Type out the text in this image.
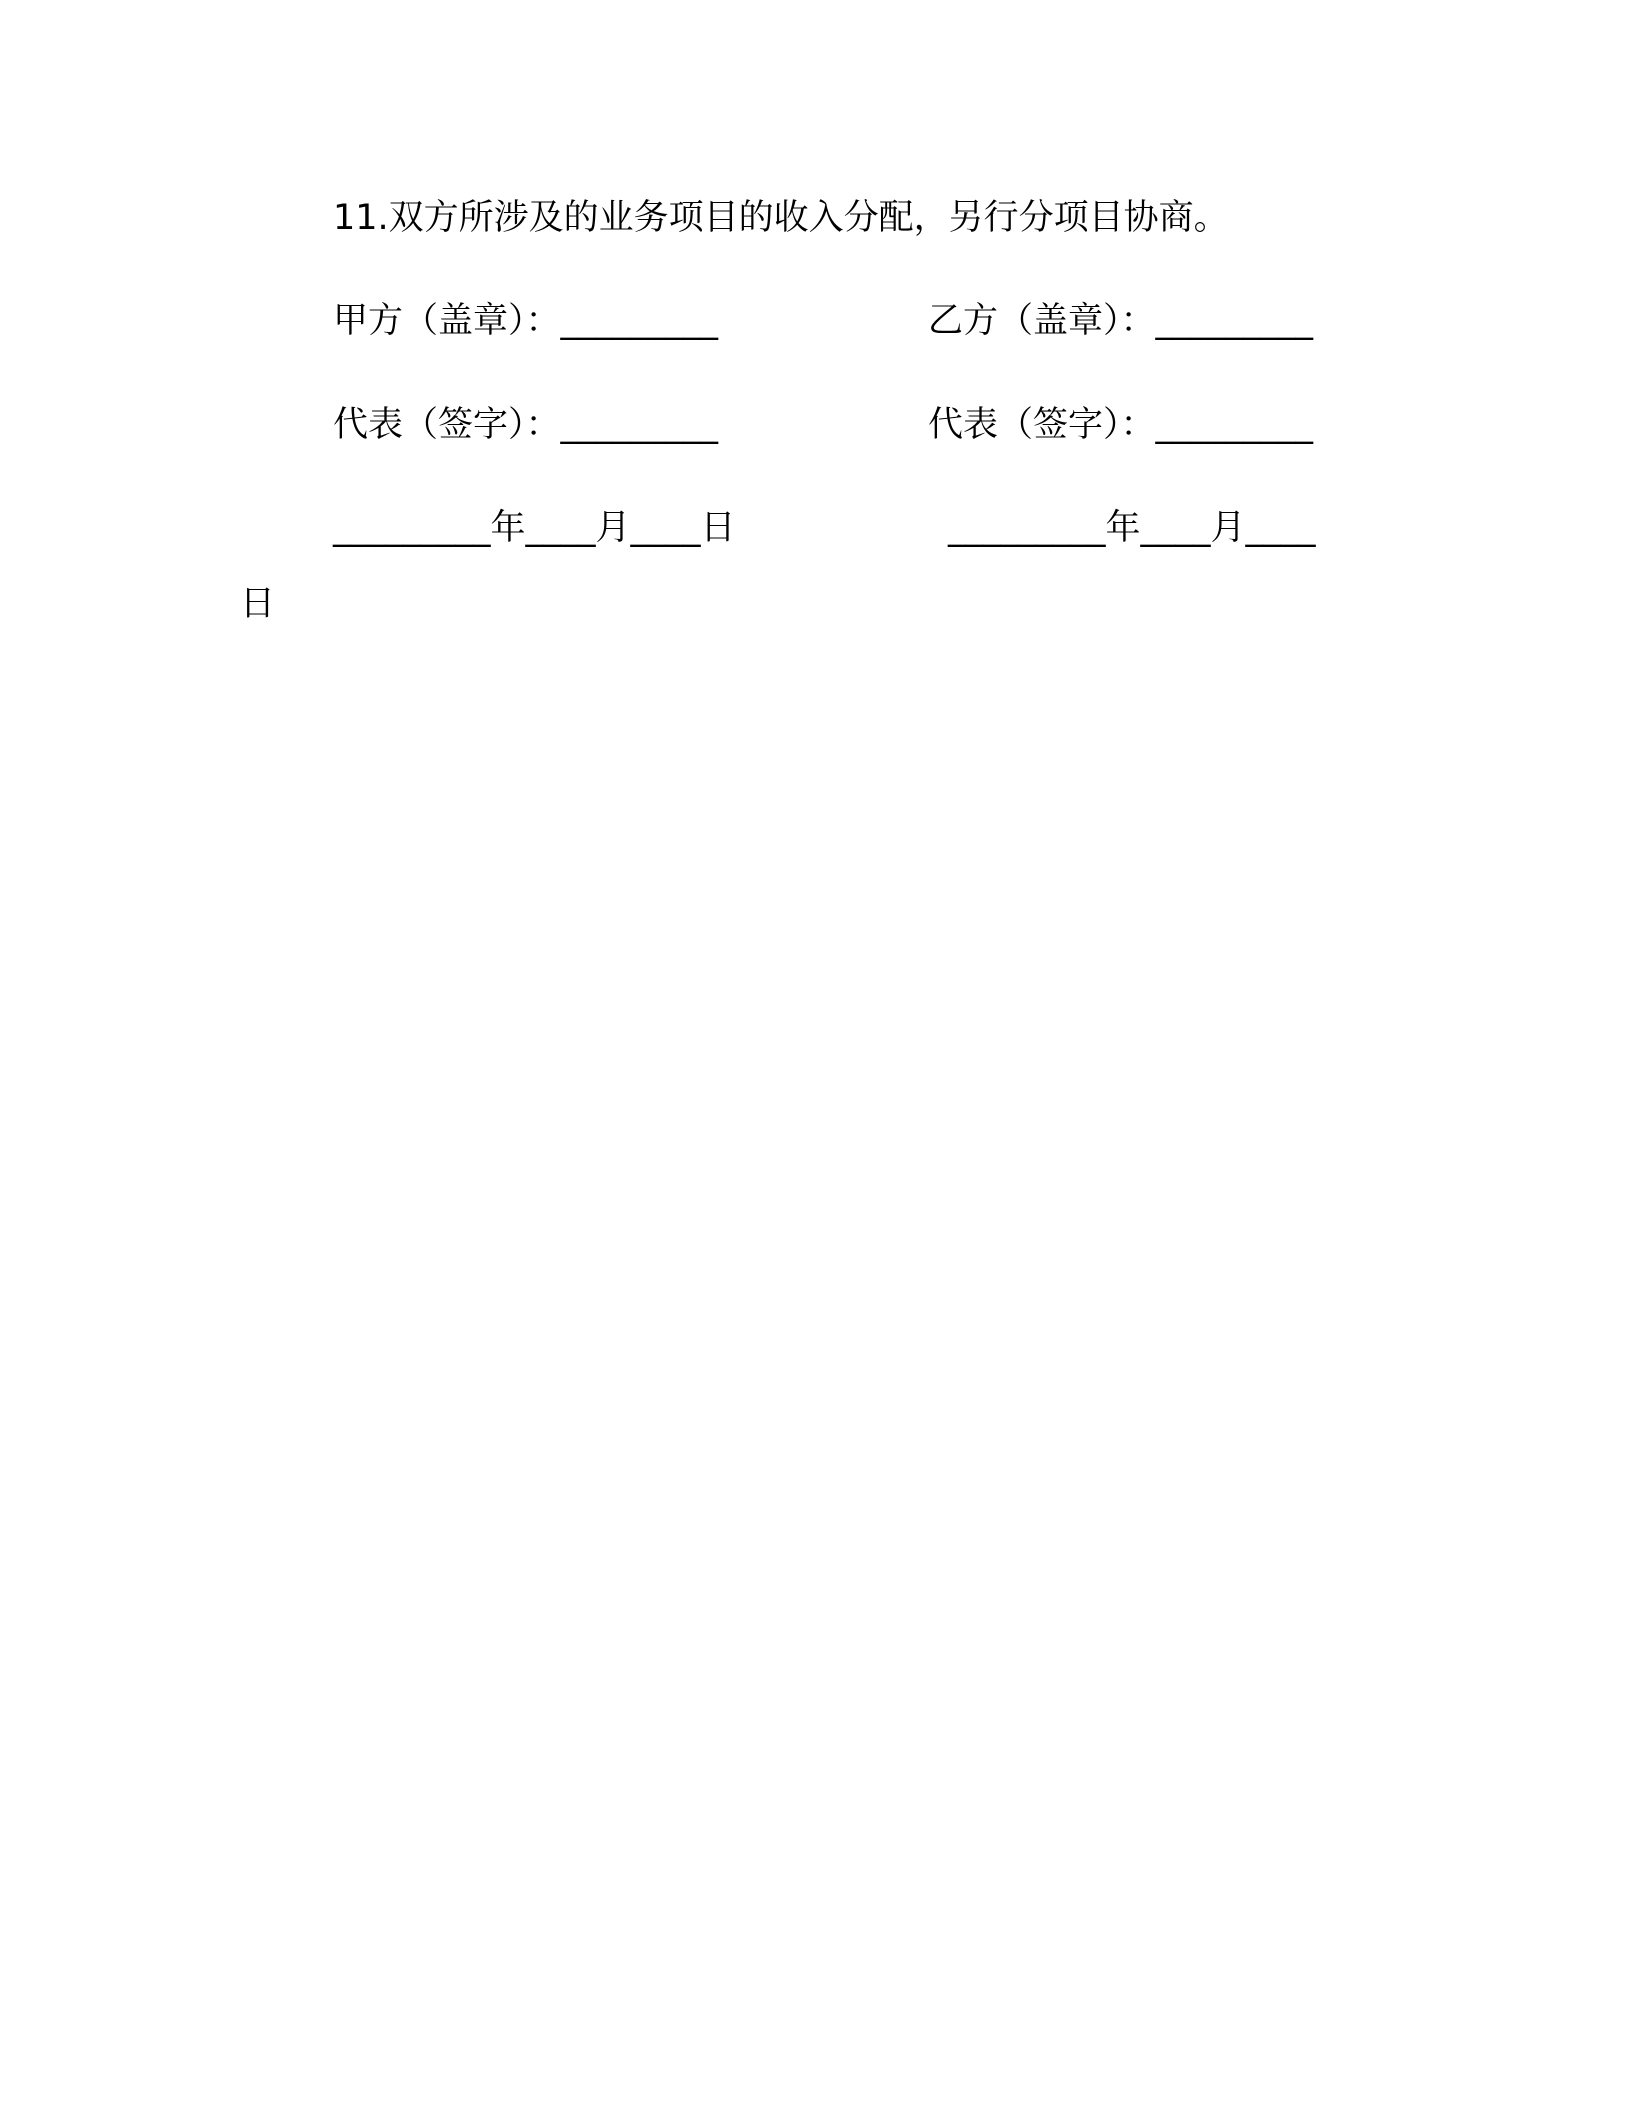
11.双方所涉及的业务项目的收入分配，另行分项目协商。
甲方（盖章）：_________	乙方（盖章）：_________
代表（签字）：_________	代表（签字）：_________
_________年____月____日	_________年____月____
日
